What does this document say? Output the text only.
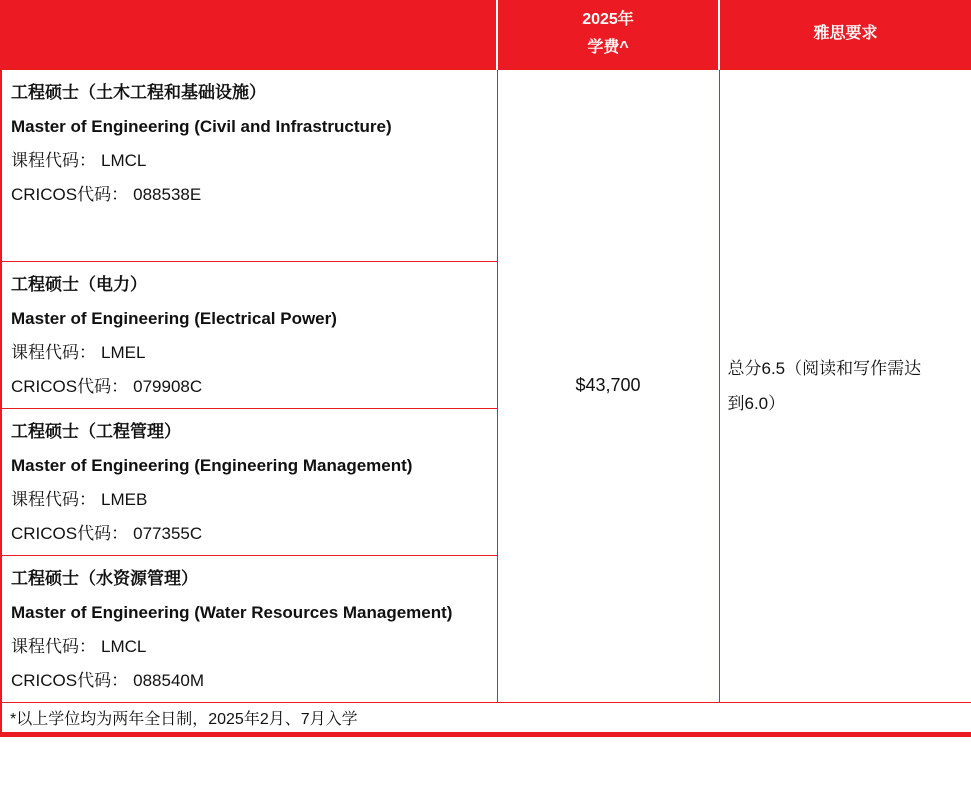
	2025年
学费^	雅思要求

工程硕士（土木工程和基础设施）
Master of Engineering (Civil and Infrastructure)
课程代码： LMCL
CRICOS代码： 088538E	$43,700	总分6.5（阅读和写作需达到6.0）

工程硕士（电力）
Master of Engineering (Electrical Power)
课程代码： LMEL
CRICOS代码： 079908C		

工程硕士（工程管理）
Master of Engineering (Engineering Management)
课程代码： LMEB
CRICOS代码： 077355C		

工程硕士（水资源管理）
Master of Engineering (Water Resources Management)
课程代码： LMCL
CRICOS代码： 088540M		

*以上学位均为两年全日制，2025年2月、7月入学		
